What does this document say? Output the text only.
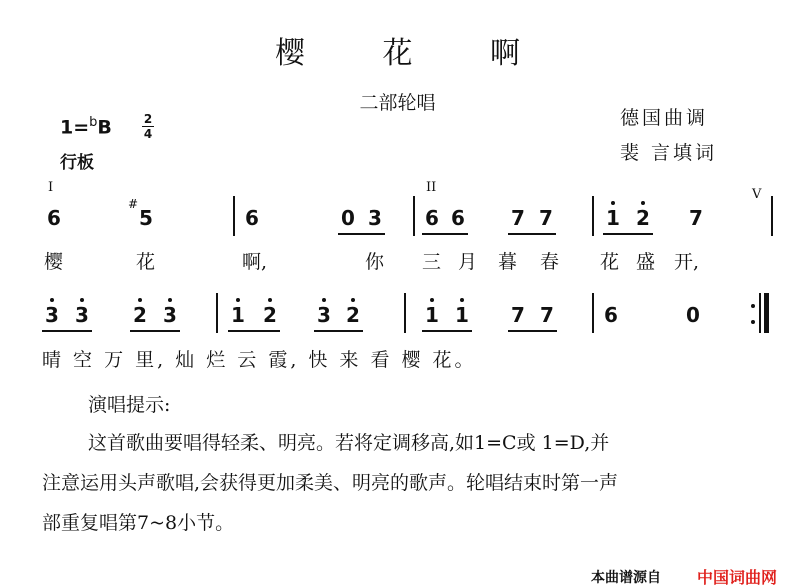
樱 花 啊
二部轮唱
德国曲调
裴 言填词
1=$^b$B	2
4
行板
I	II	V
#
6	5	6	0 3 6 6 7 7	1 2 7
樱	花	啊,	你 三 月 暮 春 花 盛 开,
3 3 2 3	1 2 3 2	1 1 7 7	6	0
晴 空 万 里, 灿 烂 云 霞, 快 来 看 樱 花。
演唱提示:
这首歌曲要唱得轻柔、明亮。若将定调移高,如1=C或 1=D,并
注意运用头声歌唱,会获得更加柔美、明亮的歌声。轮唱结束时第一声
部重复唱第7~8小节。
本曲谱源自 中国词曲网
